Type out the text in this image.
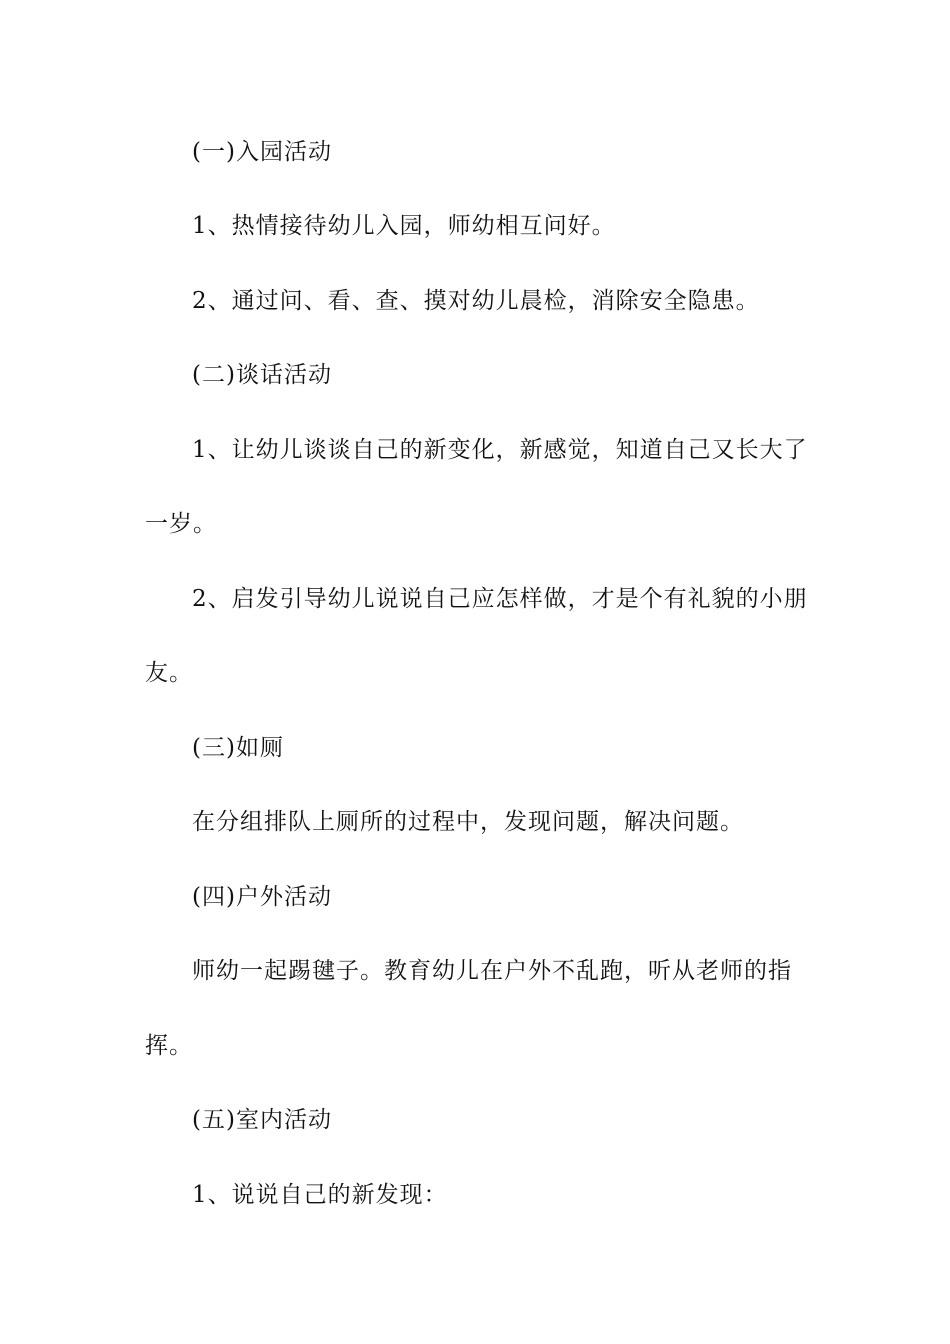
(一)入园活动
1、热情接待幼儿入园，师幼相互问好。
2、通过问、看、查、摸对幼儿晨检，消除安全隐患。
(二)谈话活动
1、让幼儿谈谈自己的新变化，新感觉，知道自己又长大了
一岁。
2、启发引导幼儿说说自己应怎样做，才是个有礼貌的小朋
友。
(三)如厕
在分组排队上厕所的过程中，发现问题，解决问题。
(四)户外活动
师幼一起踢毽子。教育幼儿在户外不乱跑，听从老师的指
挥。
(五)室内活动
1、说说自己的新发现：
